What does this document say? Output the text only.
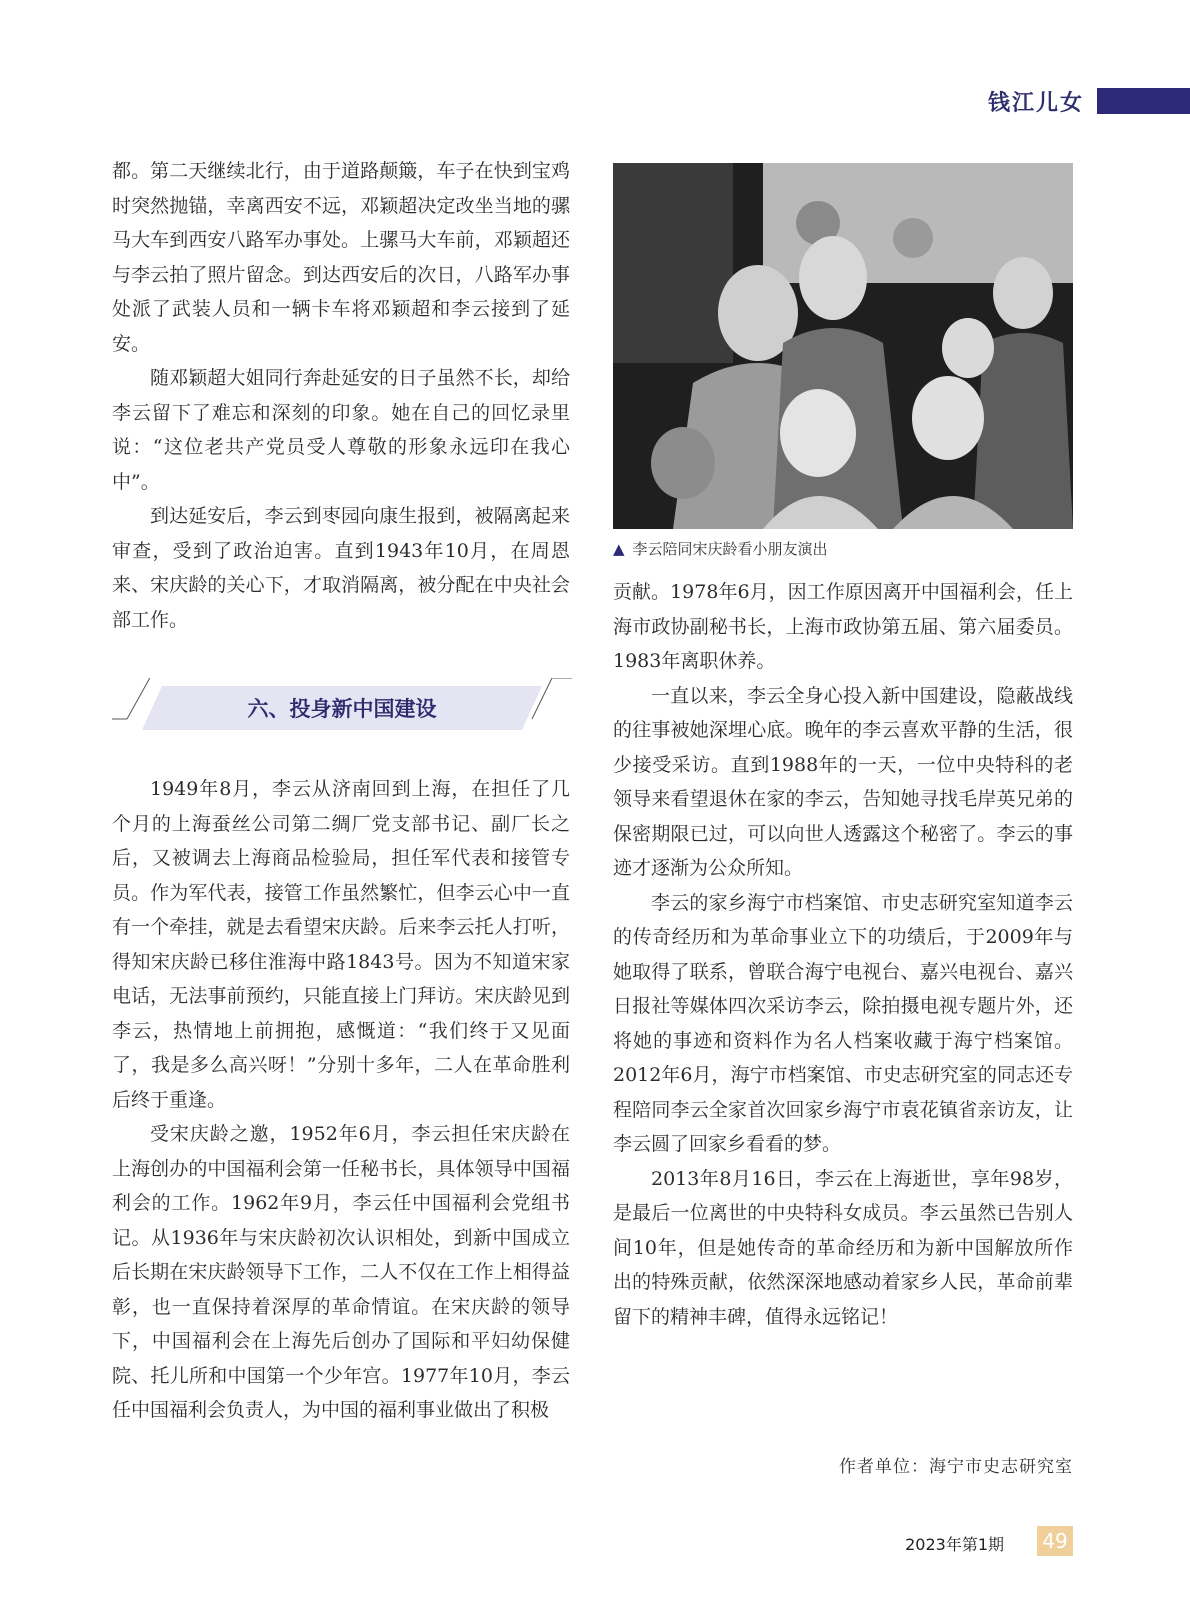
钱江儿女

都。第二天继续北行，由于道路颠簸，车子在快到宝鸡时突然抛锚，幸离西安不远，邓颖超决定改坐当地的骡马大车到西安八路军办事处。上骡马大车前，邓颖超还与李云拍了照片留念。到达西安后的次日，八路军办事处派了武装人员和一辆卡车将邓颖超和李云接到了延安。

随邓颖超大姐同行奔赴延安的日子虽然不长，却给李云留下了难忘和深刻的印象。她在自己的回忆录里说：“这位老共产党员受人尊敬的形象永远印在我心中”。

到达延安后，李云到枣园向康生报到，被隔离起来审查，受到了政治迫害。直到1943年10月，在周恩来、宋庆龄的关心下，才取消隔离，被分配在中央社会部工作。

六、投身新中国建设

1949年8月，李云从济南回到上海，在担任了几个月的上海蚕丝公司第二绸厂党支部书记、副厂长之后，又被调去上海商品检验局，担任军代表和接管专员。作为军代表，接管工作虽然繁忙，但李云心中一直有一个牵挂，就是去看望宋庆龄。后来李云托人打听，得知宋庆龄已移住淮海中路1843号。因为不知道宋家电话，无法事前预约，只能直接上门拜访。宋庆龄见到李云，热情地上前拥抱，感慨道：“我们终于又见面了，我是多么高兴呀！”分别十多年，二人在革命胜利后终于重逢。

受宋庆龄之邀，1952年6月，李云担任宋庆龄在上海创办的中国福利会第一任秘书长，具体领导中国福利会的工作。1962年9月，李云任中国福利会党组书记。从1936年与宋庆龄初次认识相处，到新中国成立后长期在宋庆龄领导下工作，二人不仅在工作上相得益彰，也一直保持着深厚的革命情谊。在宋庆龄的领导下，中国福利会在上海先后创办了国际和平妇幼保健院、托儿所和中国第一个少年宫。1977年10月，李云任中国福利会负责人，为中国的福利事业做出了积极

▲ 李云陪同宋庆龄看小朋友演出

贡献。1978年6月，因工作原因离开中国福利会，任上海市政协副秘书长，上海市政协第五届、第六届委员。1983年离职休养。

一直以来，李云全身心投入新中国建设，隐蔽战线的往事被她深埋心底。晚年的李云喜欢平静的生活，很少接受采访。直到1988年的一天，一位中央特科的老领导来看望退休在家的李云，告知她寻找毛岸英兄弟的保密期限已过，可以向世人透露这个秘密了。李云的事迹才逐渐为公众所知。

李云的家乡海宁市档案馆、市史志研究室知道李云的传奇经历和为革命事业立下的功绩后，于2009年与她取得了联系，曾联合海宁电视台、嘉兴电视台、嘉兴日报社等媒体四次采访李云，除拍摄电视专题片外，还将她的事迹和资料作为名人档案收藏于海宁档案馆。2012年6月，海宁市档案馆、市史志研究室的同志还专程陪同李云全家首次回家乡海宁市袁花镇省亲访友，让李云圆了回家乡看看的梦。

2013年8月16日，李云在上海逝世，享年98岁，是最后一位离世的中央特科女成员。李云虽然已告别人间10年，但是她传奇的革命经历和为新中国解放所作出的特殊贡献，依然深深地感动着家乡人民，革命前辈留下的精神丰碑，值得永远铭记！

作者单位：海宁市史志研究室
2023年第1期 49
